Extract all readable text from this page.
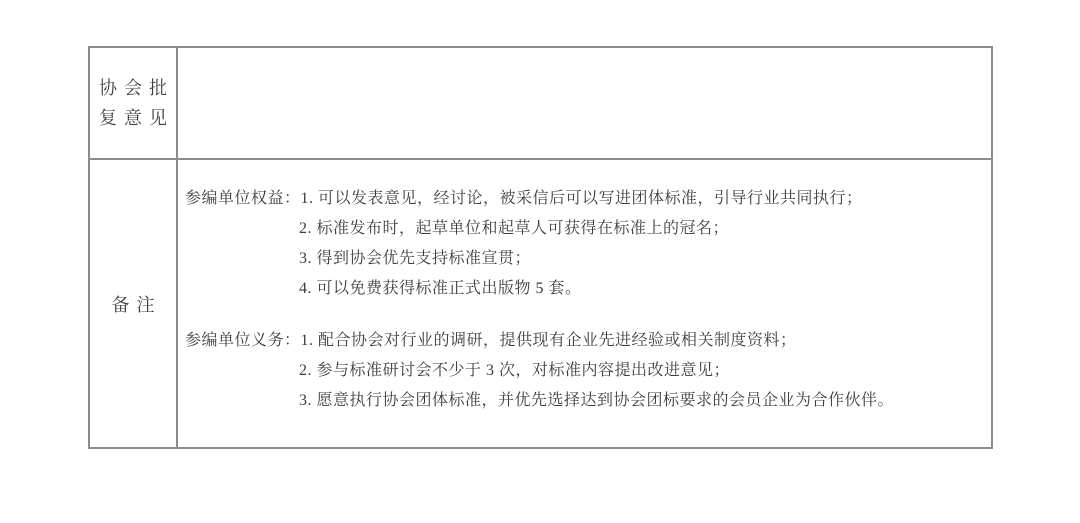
协会批
复意见
备注
参编单位权益：1. 可以发表意见，经讨论，被采信后可以写进团体标准，引导行业共同执行；
2. 标准发布时，起草单位和起草人可获得在标准上的冠名；
3. 得到协会优先支持标准宣贯；
4. 可以免费获得标准正式出版物 5 套。
参编单位义务：1. 配合协会对行业的调研，提供现有企业先进经验或相关制度资料；
2. 参与标准研讨会不少于 3 次，对标准内容提出改进意见；
3. 愿意执行协会团体标准，并优先选择达到协会团标要求的会员企业为合作伙伴。
